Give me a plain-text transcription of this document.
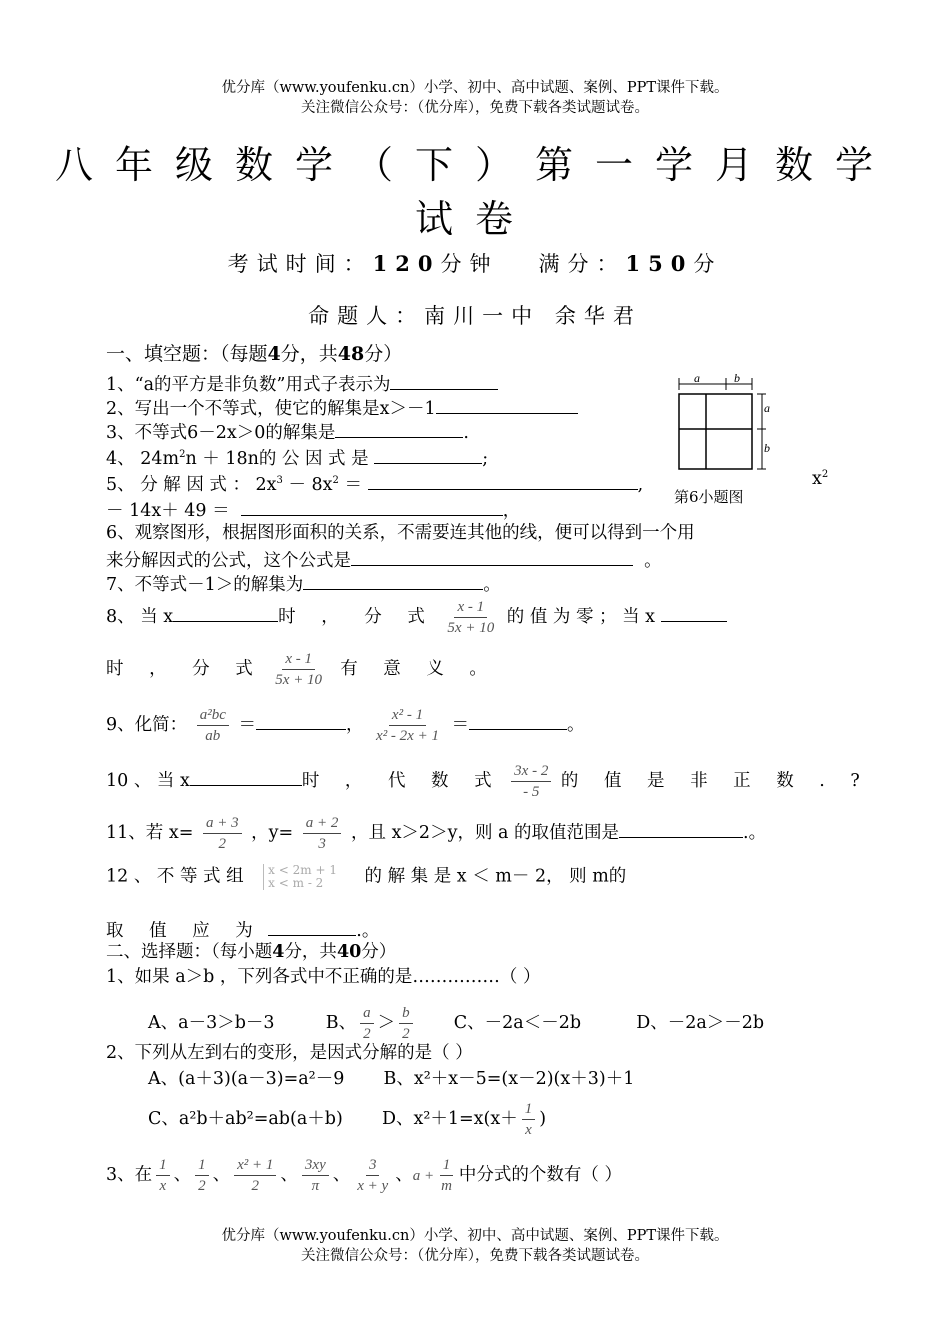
优分库（www.youfenku.cn）小学、初中、高中试题、案例、PPT课件下载。
关注微信公众号：（优分库），免费下载各类试题试卷。
八年级数学（下）第一学月数学
试卷
考试时间：120分钟 满分：150分
命题人：南川一中 余华君
一、填空题：（每题4分，共48分）
1、“a的平方是非负数”用式子表示为
2、写出一个不等式，使它的解集是x＞－1
3、不等式6－2x＞0的解集是	.
4、 $24m^2n + 18n$的 公 因 式 是	;
5、 分 解 因 式 ： $2x^3 - 8x^2$ ＝	,	$x^2$
－ 14x＋ 49 ＝	，
a	b
a
b
第6小题图
6、观察图形，根据图形面积的关系，不需要连其他的线，便可以得到一个用
来分解因式的公式，这个公式是	。
7、不等式－1＞的解集为	。
8、 当 x	时 ， 分 式 $\frac{x - 1}{5x + 10}$ 的 值 为 零 ； 当 x
时 ， 分 式 $\frac{x - 1}{5x + 10}$ 有 意 义 。
9、化简： $\frac{\text{a²bc}}{ab}$ ＝	， $\frac{\text{x² - 1}}{\text{x² - 2x + 1}}$ ＝	。
10 、 当 x	时 ， 代 数 式 $\frac{3x - 2}{- 5}$ 的 值 是 非 正 数 . ?
11、若 $x= \frac{a + 3}{2}$ ，$y= \frac{a + 2}{3}$ ，且 x＞2＞y，则 a 的取值范围是	.。
12 、 不 等 式 组 x < 2m + 1
x < m - 2	的 解 集 是 x ＜ m－ 2， 则 m的
取 值 应 为	.。
二、选择题：（每小题4分，共40分）
1、如果 a＞b ，下列各式中不正确的是……………（ ）
A、a－3＞b－3	B、 $\frac{a}{2} > \frac{b}{2}$ C、－2a＜－2b	D、－2a＞－2b
2、下列从左到右的变形，是因式分解的是（ ）
A、(a＋3)(a－3)=a²－9 B、x²＋x－5=(x－2)(x＋3)＋1
C、a²b＋ab²=ab(a＋b) D、$x^2+1=x(x+ \frac{1}{x}$ )
3、在 $\frac{1}{x}$ 、 $\frac{1}{2}$ 、 $\frac{\text{x² + 1}}{2}$ 、 $\frac{3xy}{\pi}$ 、 $\frac{3}{x + y}$ 、$a + \frac{1}{m}$ 中分式的个数有（ ）
优分库（www.youfenku.cn）小学、初中、高中试题、案例、PPT课件下载。
关注微信公众号：（优分库），免费下载各类试题试卷。
